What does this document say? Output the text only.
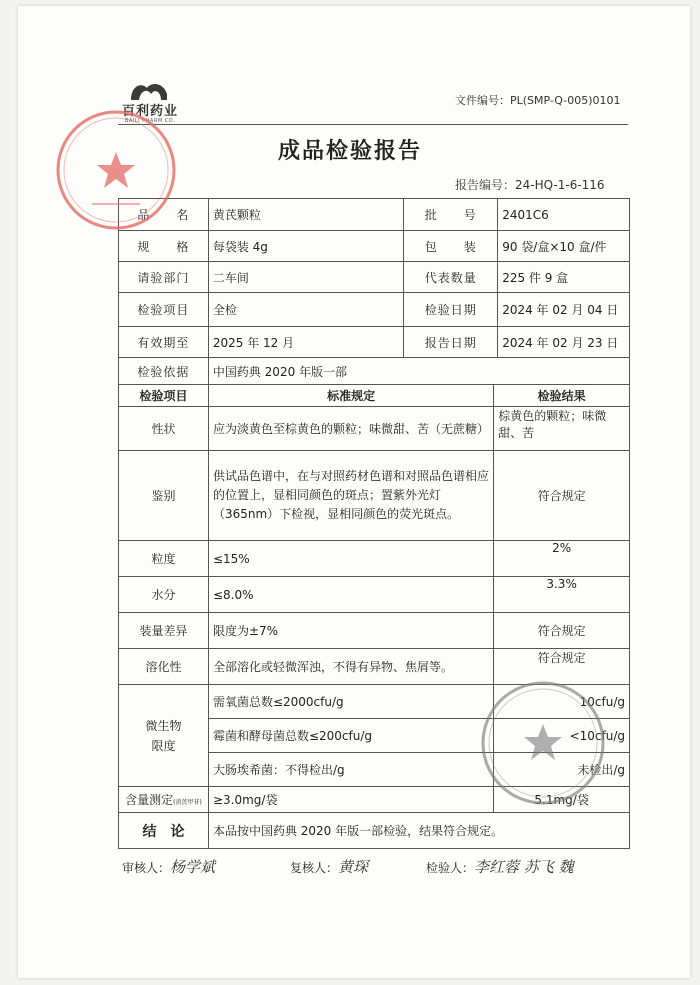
百利药业
BAILI PHARM CO.
文件编号：PL(SMP-Q-005)0101
成品检验报告
报告编号：24-HQ-1-6-116
品　　名	黄芪颗粒	批　　号	2401C6
规　　格	每袋装 4g	包　　装	90 袋/盒×10 盒/件
请验部门	二车间	代表数量	225 件 9 盒
检验项目	全检	检验日期	2024 年 02 月 04 日
有效期至	2025 年 12 月	报告日期	2024 年 02 月 23 日
检验依据	中国药典 2020 年版一部		
检验项目	标准规定	检验结果
性状	应为淡黄色至棕黄色的颗粒；味微甜、苦（无蔗糖）	棕黄色的颗粒；味微甜、苦
鉴别	供试品色谱中，在与对照药材色谱和对照品色谱相应的位置上，显相同颜色的斑点；置紫外光灯（365nm）下检视，显相同颜色的荧光斑点。	符合规定
粒度	≤15%	2%
水分	≤8.0%	3.3%
装量差异	限度为±7%	符合规定
溶化性	全部溶化或轻微浑浊，不得有异物、焦屑等。	符合规定
微生物
限度	需氧菌总数≤2000cfu/g	10cfu/g
	霉菌和酵母菌总数≤200cfu/g	<10cfu/g
	大肠埃希菌：不得检出/g	未检出/g
含量测定(黄芪甲苷)	≥3.0mg/袋	5.1mg/袋
结　论	本品按中国药典 2020 年版一部检验，结果符合规定。	
审核人：杨学斌	复核人：黄琛	检验人：李红蓉 苏飞 魏
